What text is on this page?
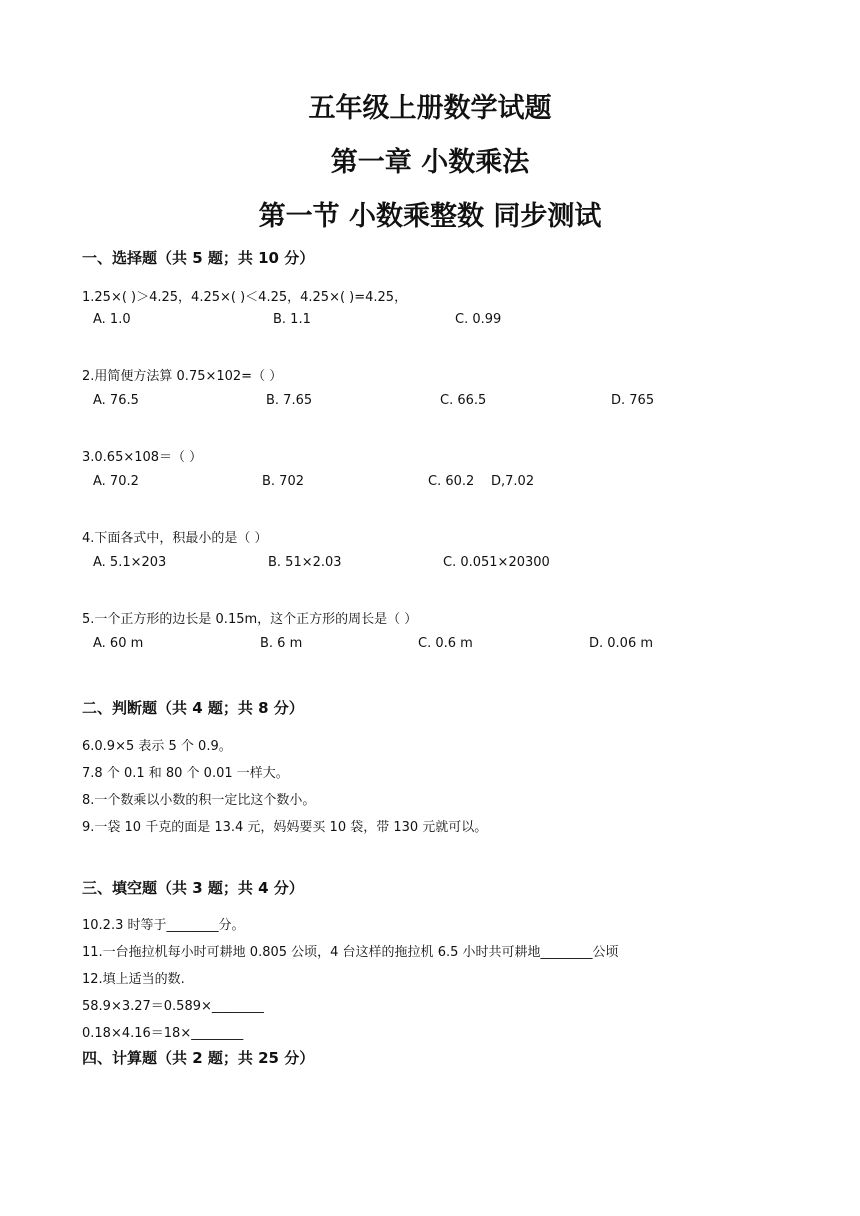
五年级上册数学试题
第一章 小数乘法
第一节 小数乘整数 同步测试
一、选择题（共 5 题；共 10 分）
1.25×( )＞4.25，4.25×( )＜4.25，4.25×( )=4.25，
A. 1.0	B. 1.1	C. 0.99
2.用简便方法算 0.75×102=（ ）
A. 76.5	B. 7.65	C. 66.5	D. 765
3.0.65×108＝（ ）
A. 70.2	B. 702	C. 60.2 D,7.02
4.下面各式中，积最小的是（ ）
A. 5.1×203	B. 51×2.03	C. 0.051×20300
5.一个正方形的边长是 0.15m，这个正方形的周长是（ ）
A. 60 m	B. 6 m	C. 0.6 m	D. 0.06 m
二、判断题（共 4 题；共 8 分）
6.0.9×5 表示 5 个 0.9。
7.8 个 0.1 和 80 个 0.01 一样大。
8.一个数乘以小数的积一定比这个数小。
9.一袋 10 千克的面是 13.4 元，妈妈要买 10 袋，带 130 元就可以。
三、填空题（共 3 题；共 4 分）
10.2.3 时等于________分。
11.一台拖拉机每小时可耕地 0.805 公顷，4 台这样的拖拉机 6.5 小时共可耕地________公顷
12.填上适当的数.
58.9×3.27＝0.589×________
0.18×4.16＝18×________
四、计算题（共 2 题；共 25 分）
